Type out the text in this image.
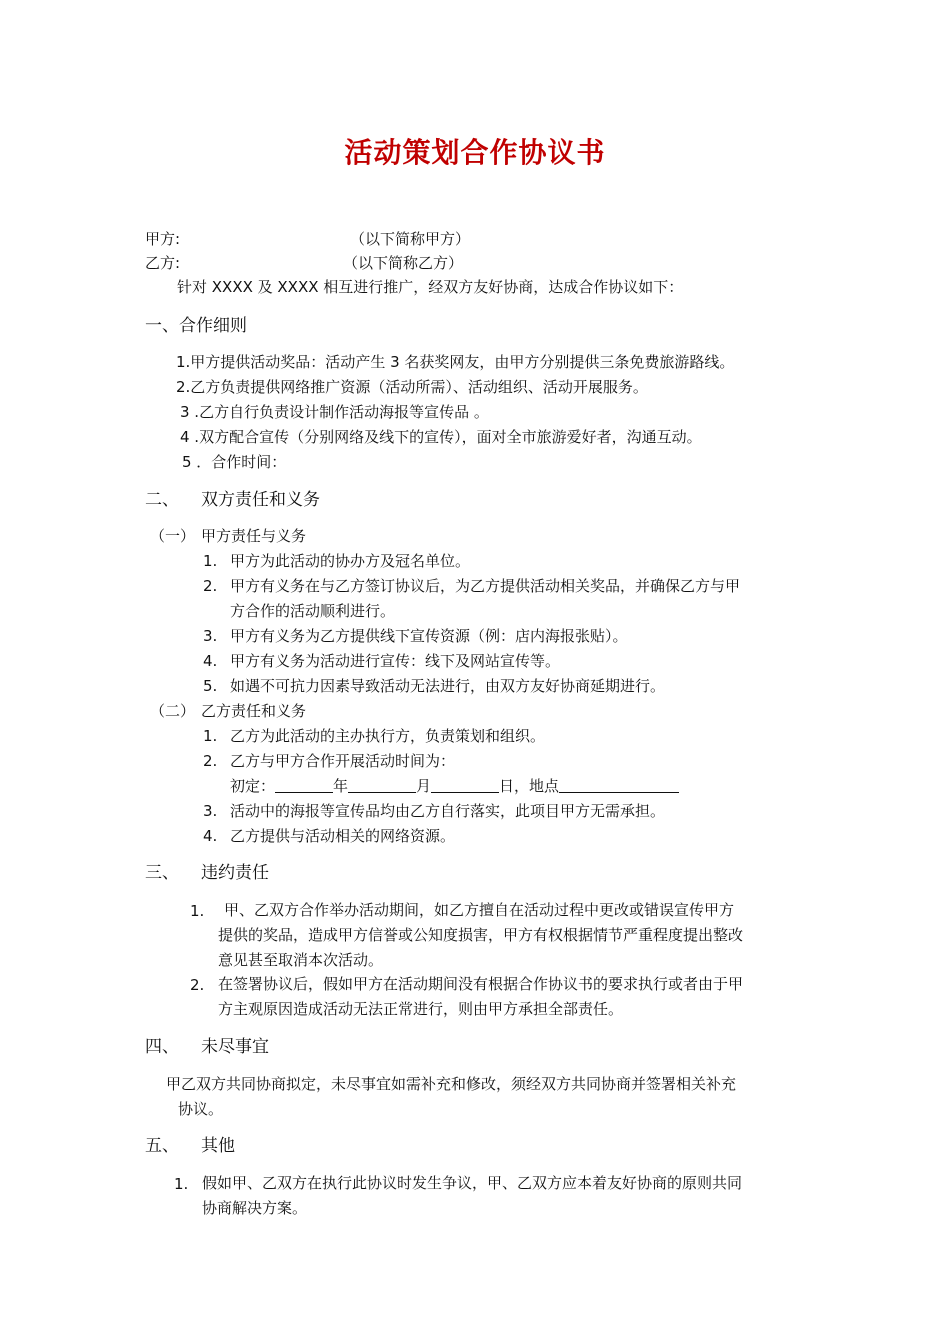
活动策划合作协议书
甲方:	（以下简称甲方）
乙方:	（以下简称乙方）
针对 XXXX 及 XXXX 相互进行推广，经双方友好协商，达成合作协议如下：
一、合作细则
1.甲方提供活动奖品：活动产生 3 名获奖网友，由甲方分别提供三条免费旅游路线。
2.乙方负责提供网络推广资源（活动所需）、活动组织、活动开展服务。
3 .乙方自行负责设计制作活动海报等宣传品 。
4 .双方配合宣传（分别网络及线下的宣传），面对全市旅游爱好者，沟通互动。
5 ．合作时间：
二、 双方责任和义务
（一） 甲方责任与义务
1. 甲方为此活动的协办方及冠名单位。
2. 甲方有义务在与乙方签订协议后，为乙方提供活动相关奖品，并确保乙方与甲
方合作的活动顺利进行。
3. 甲方有义务为乙方提供线下宣传资源（例：店内海报张贴）。
4. 甲方有义务为活动进行宣传：线下及网站宣传等。
5. 如遇不可抗力因素导致活动无法进行，由双方友好协商延期进行。
（二） 乙方责任和义务
1. 乙方为此活动的主办执行方，负责策划和组织。
2. 乙方与甲方合作开展活动时间为：
初定：	年	月	日，地点
3. 活动中的海报等宣传品均由乙方自行落实，此项目甲方无需承担。
4. 乙方提供与活动相关的网络资源。
三、 违约责任
1. 甲、乙双方合作举办活动期间，如乙方擅自在活动过程中更改或错误宣传甲方
提供的奖品，造成甲方信誉或公知度损害，甲方有权根据情节严重程度提出整改
意见甚至取消本次活动。
2. 在签署协议后，假如甲方在活动期间没有根据合作协议书的要求执行或者由于甲
方主观原因造成活动无法正常进行，则由甲方承担全部责任。
四、 未尽事宜
甲乙双方共同协商拟定，未尽事宜如需补充和修改，须经双方共同协商并签署相关补充
协议。
五、 其他
1. 假如甲、乙双方在执行此协议时发生争议，甲、乙双方应本着友好协商的原则共同
协商解决方案。
